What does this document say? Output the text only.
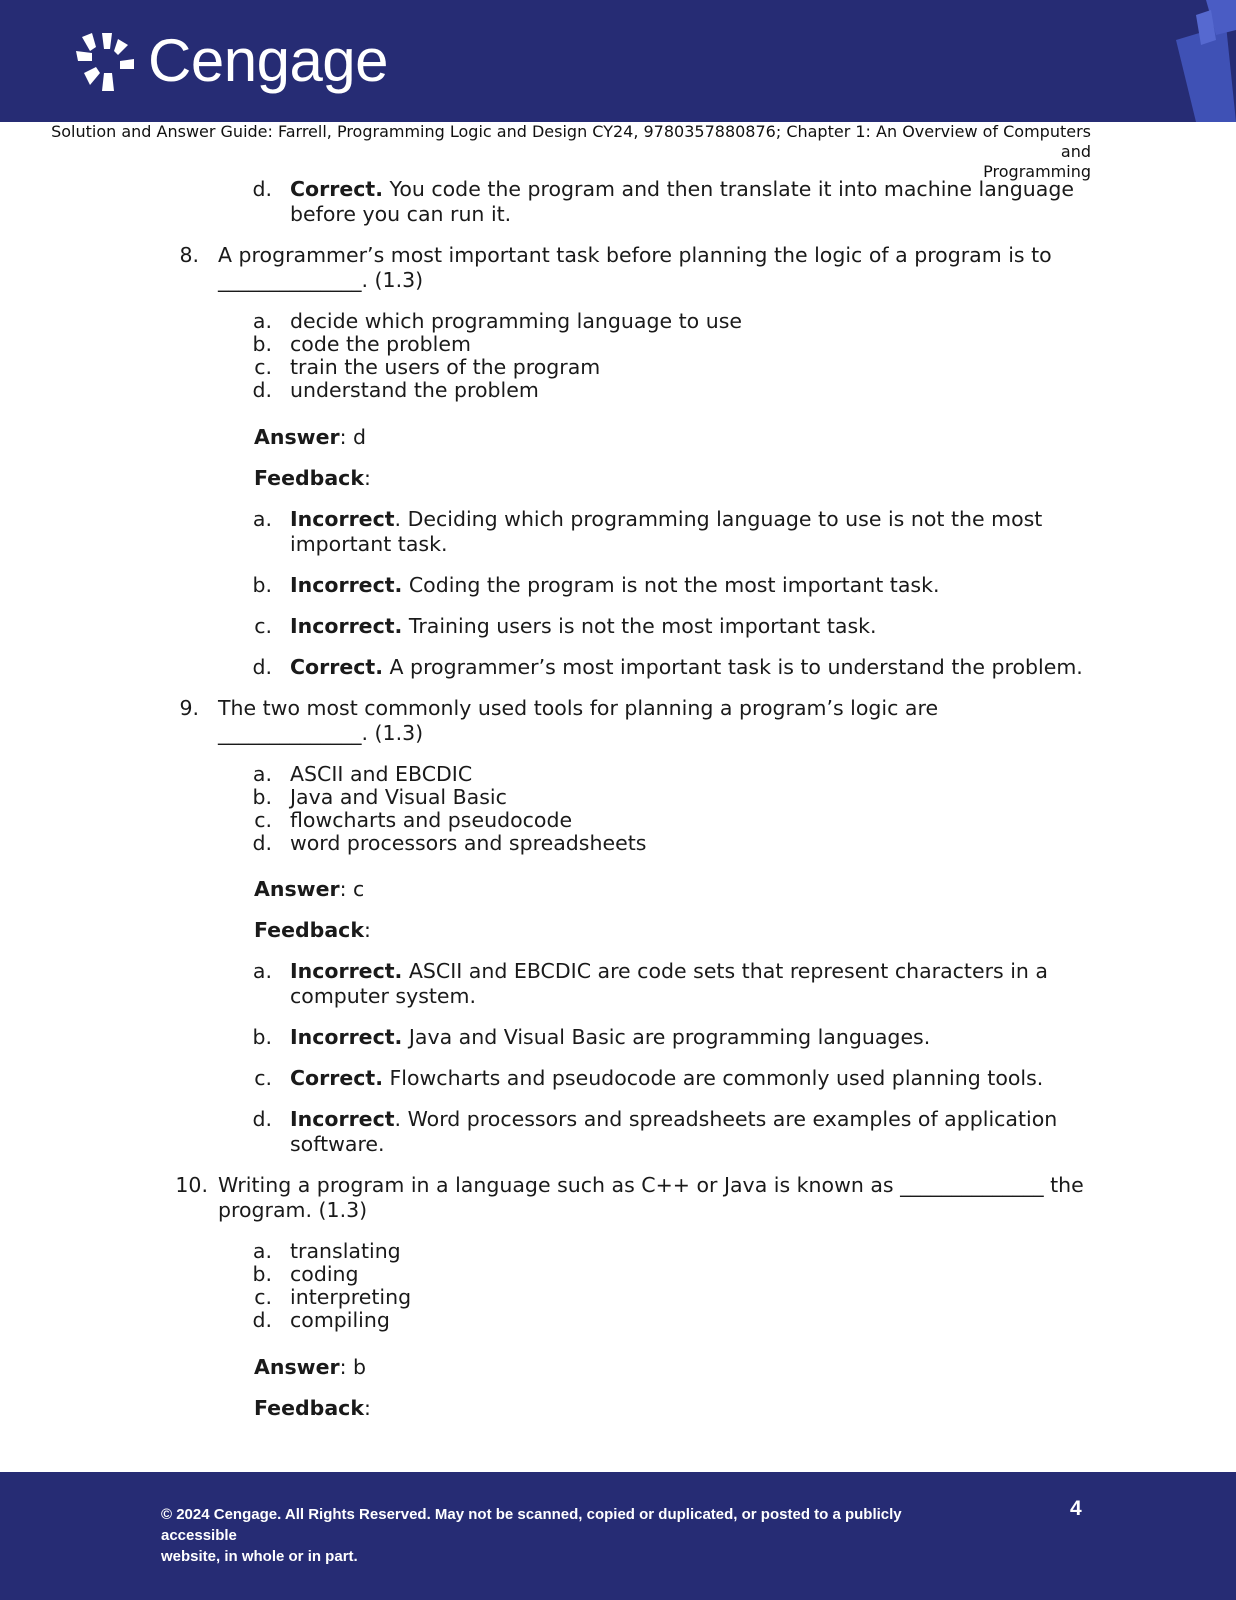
Cengage
Solution and Answer Guide: Farrell, Programming Logic and Design CY24, 9780357880876; Chapter 1: An Overview of Computers and
Programming
d. Correct. You code the program and then translate it into machine language
before you can run it.
8. A programmer’s most important task before planning the logic of a program is to
______________. (1.3)
a. decide which programming language to use
b. code the problem
c. train the users of the program
d. understand the problem
Answer: d
Feedback:
a. Incorrect. Deciding which programming language to use is not the most
important task.
b. Incorrect. Coding the program is not the most important task.
c. Incorrect. Training users is not the most important task.
d. Correct. A programmer’s most important task is to understand the problem.
9. The two most commonly used tools for planning a program’s logic are
______________. (1.3)
a. ASCII and EBCDIC
b. Java and Visual Basic
c. flowcharts and pseudocode
d. word processors and spreadsheets
Answer: c
Feedback:
a. Incorrect. ASCII and EBCDIC are code sets that represent characters in a
computer system.
b. Incorrect. Java and Visual Basic are programming languages.
c. Correct. Flowcharts and pseudocode are commonly used planning tools.
d. Incorrect. Word processors and spreadsheets are examples of application
software.
10. Writing a program in a language such as C++ or Java is known as ______________ the
program. (1.3)
a. translating
b. coding
c. interpreting
d. compiling
Answer: b
Feedback:
© 2024 Cengage. All Rights Reserved. May not be scanned, copied or duplicated, or posted to a publicly accessible
website, in whole or in part.
4
